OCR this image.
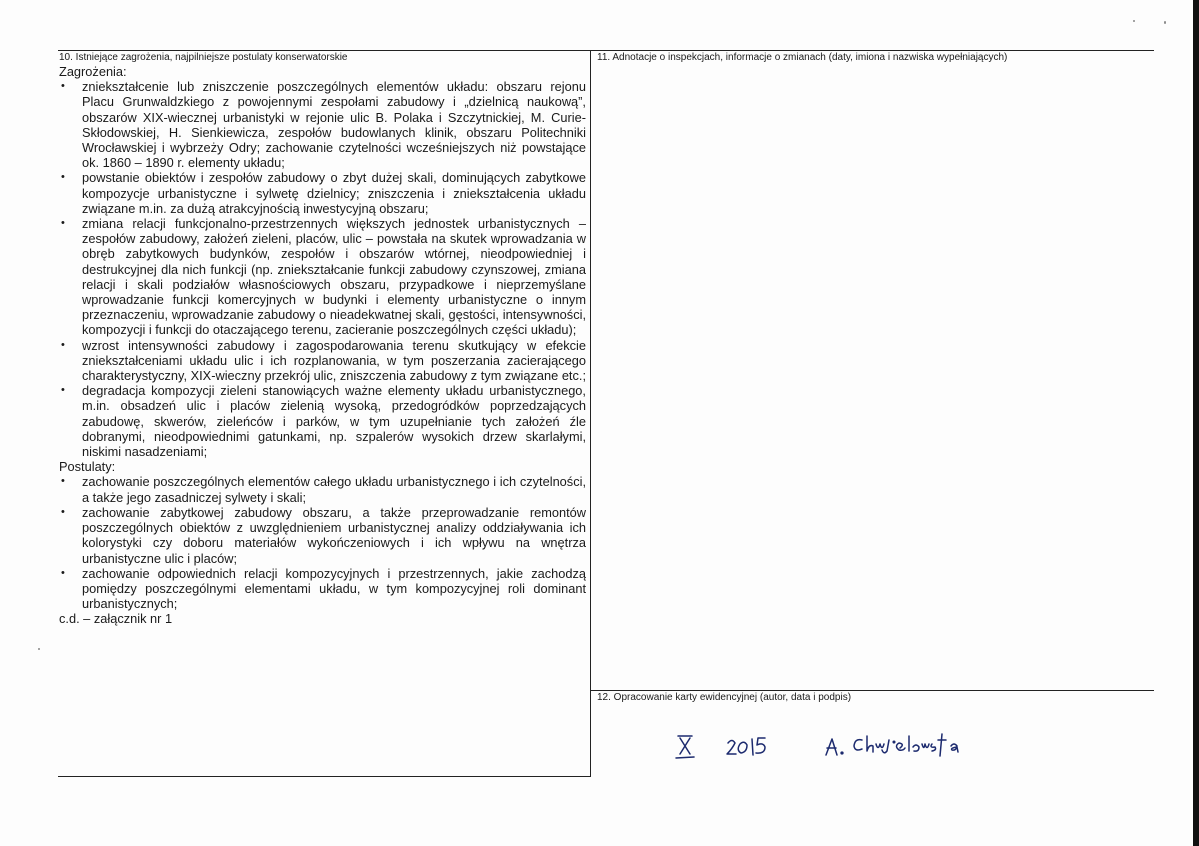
10. Istniejące zagrożenia, najpilniejsze postulaty konserwatorskie
Zagrożenia:
• zniekształcenie lub zniszczenie poszczególnych elementów układu: obszaru rejonu Placu Grunwaldzkiego z powojennymi zespołami zabudowy i „dzielnicą naukową”, obszarów XIX-wiecznej urbanistyki w rejonie ulic B. Polaka i Szczytnickiej, M. Curie-Skłodowskiej, H. Sienkiewicza, zespołów budowlanych klinik, obszaru Politechniki Wrocławskiej i wybrzeży Odry; zachowanie czytelności wcześniejszych niż powstające ok. 1860 – 1890 r. elementy układu;
• powstanie obiektów i zespołów zabudowy o zbyt dużej skali, dominujących zabytkowe kompozycje urbanistyczne i sylwetę dzielnicy; zniszczenia i zniekształcenia układu związane m.in. za dużą atrakcyjnością inwestycyjną obszaru;
• zmiana relacji funkcjonalno-przestrzennych większych jednostek urbanistycznych – zespołów zabudowy, założeń zieleni, placów, ulic – powstała na skutek wprowadzania w obręb zabytkowych budynków, zespołów i obszarów wtórnej, nieodpowiedniej i destrukcyjnej dla nich funkcji (np. zniekształcanie funkcji zabudowy czynszowej, zmiana relacji i skali podziałów własnościowych obszaru, przypadkowe i nieprzemyślane wprowadzanie funkcji komercyjnych w budynki i elementy urbanistyczne o innym przeznaczeniu, wprowadzanie zabudowy o nieadekwatnej skali, gęstości, intensywności, kompozycji i funkcji do otaczającego terenu, zacieranie poszczególnych części układu);
• wzrost intensywności zabudowy i zagospodarowania terenu skutkujący w efekcie zniekształceniami układu ulic i ich rozplanowania, w tym poszerzania zacierającego charakterystyczny, XIX-wieczny przekrój ulic, zniszczenia zabudowy z tym związane etc.;
• degradacja kompozycji zieleni stanowiących ważne elementy układu urbanistycznego, m.in. obsadzeń ulic i placów zielenią wysoką, przedogródków poprzedzających zabudowę, skwerów, zieleńców i parków, w tym uzupełnianie tych założeń źle dobranymi, nieodpowiednimi gatunkami, np. szpalerów wysokich drzew skarlałymi, niskimi nasadzeniami;
Postulaty:
• zachowanie poszczególnych elementów całego układu urbanistycznego i ich czytelności, a także jego zasadniczej sylwety i skali;
• zachowanie zabytkowej zabudowy obszaru, a także przeprowadzanie remontów poszczególnych obiektów z uwzględnieniem urbanistycznej analizy oddziaływania ich kolorystyki czy doboru materiałów wykończeniowych i ich wpływu na wnętrza urbanistyczne ulic i placów;
• zachowanie odpowiednich relacji kompozycyjnych i przestrzennych, jakie zachodzą pomiędzy poszczególnymi elementami układu, w tym kompozycyjnej roli dominant urbanistycznych;
c.d. – załącznik nr 1
11. Adnotacje o inspekcjach, informacje o zmianach (daty, imiona i nazwiska wypełniających)
12. Opracowanie karty ewidencyjnej (autor, data i podpis)
